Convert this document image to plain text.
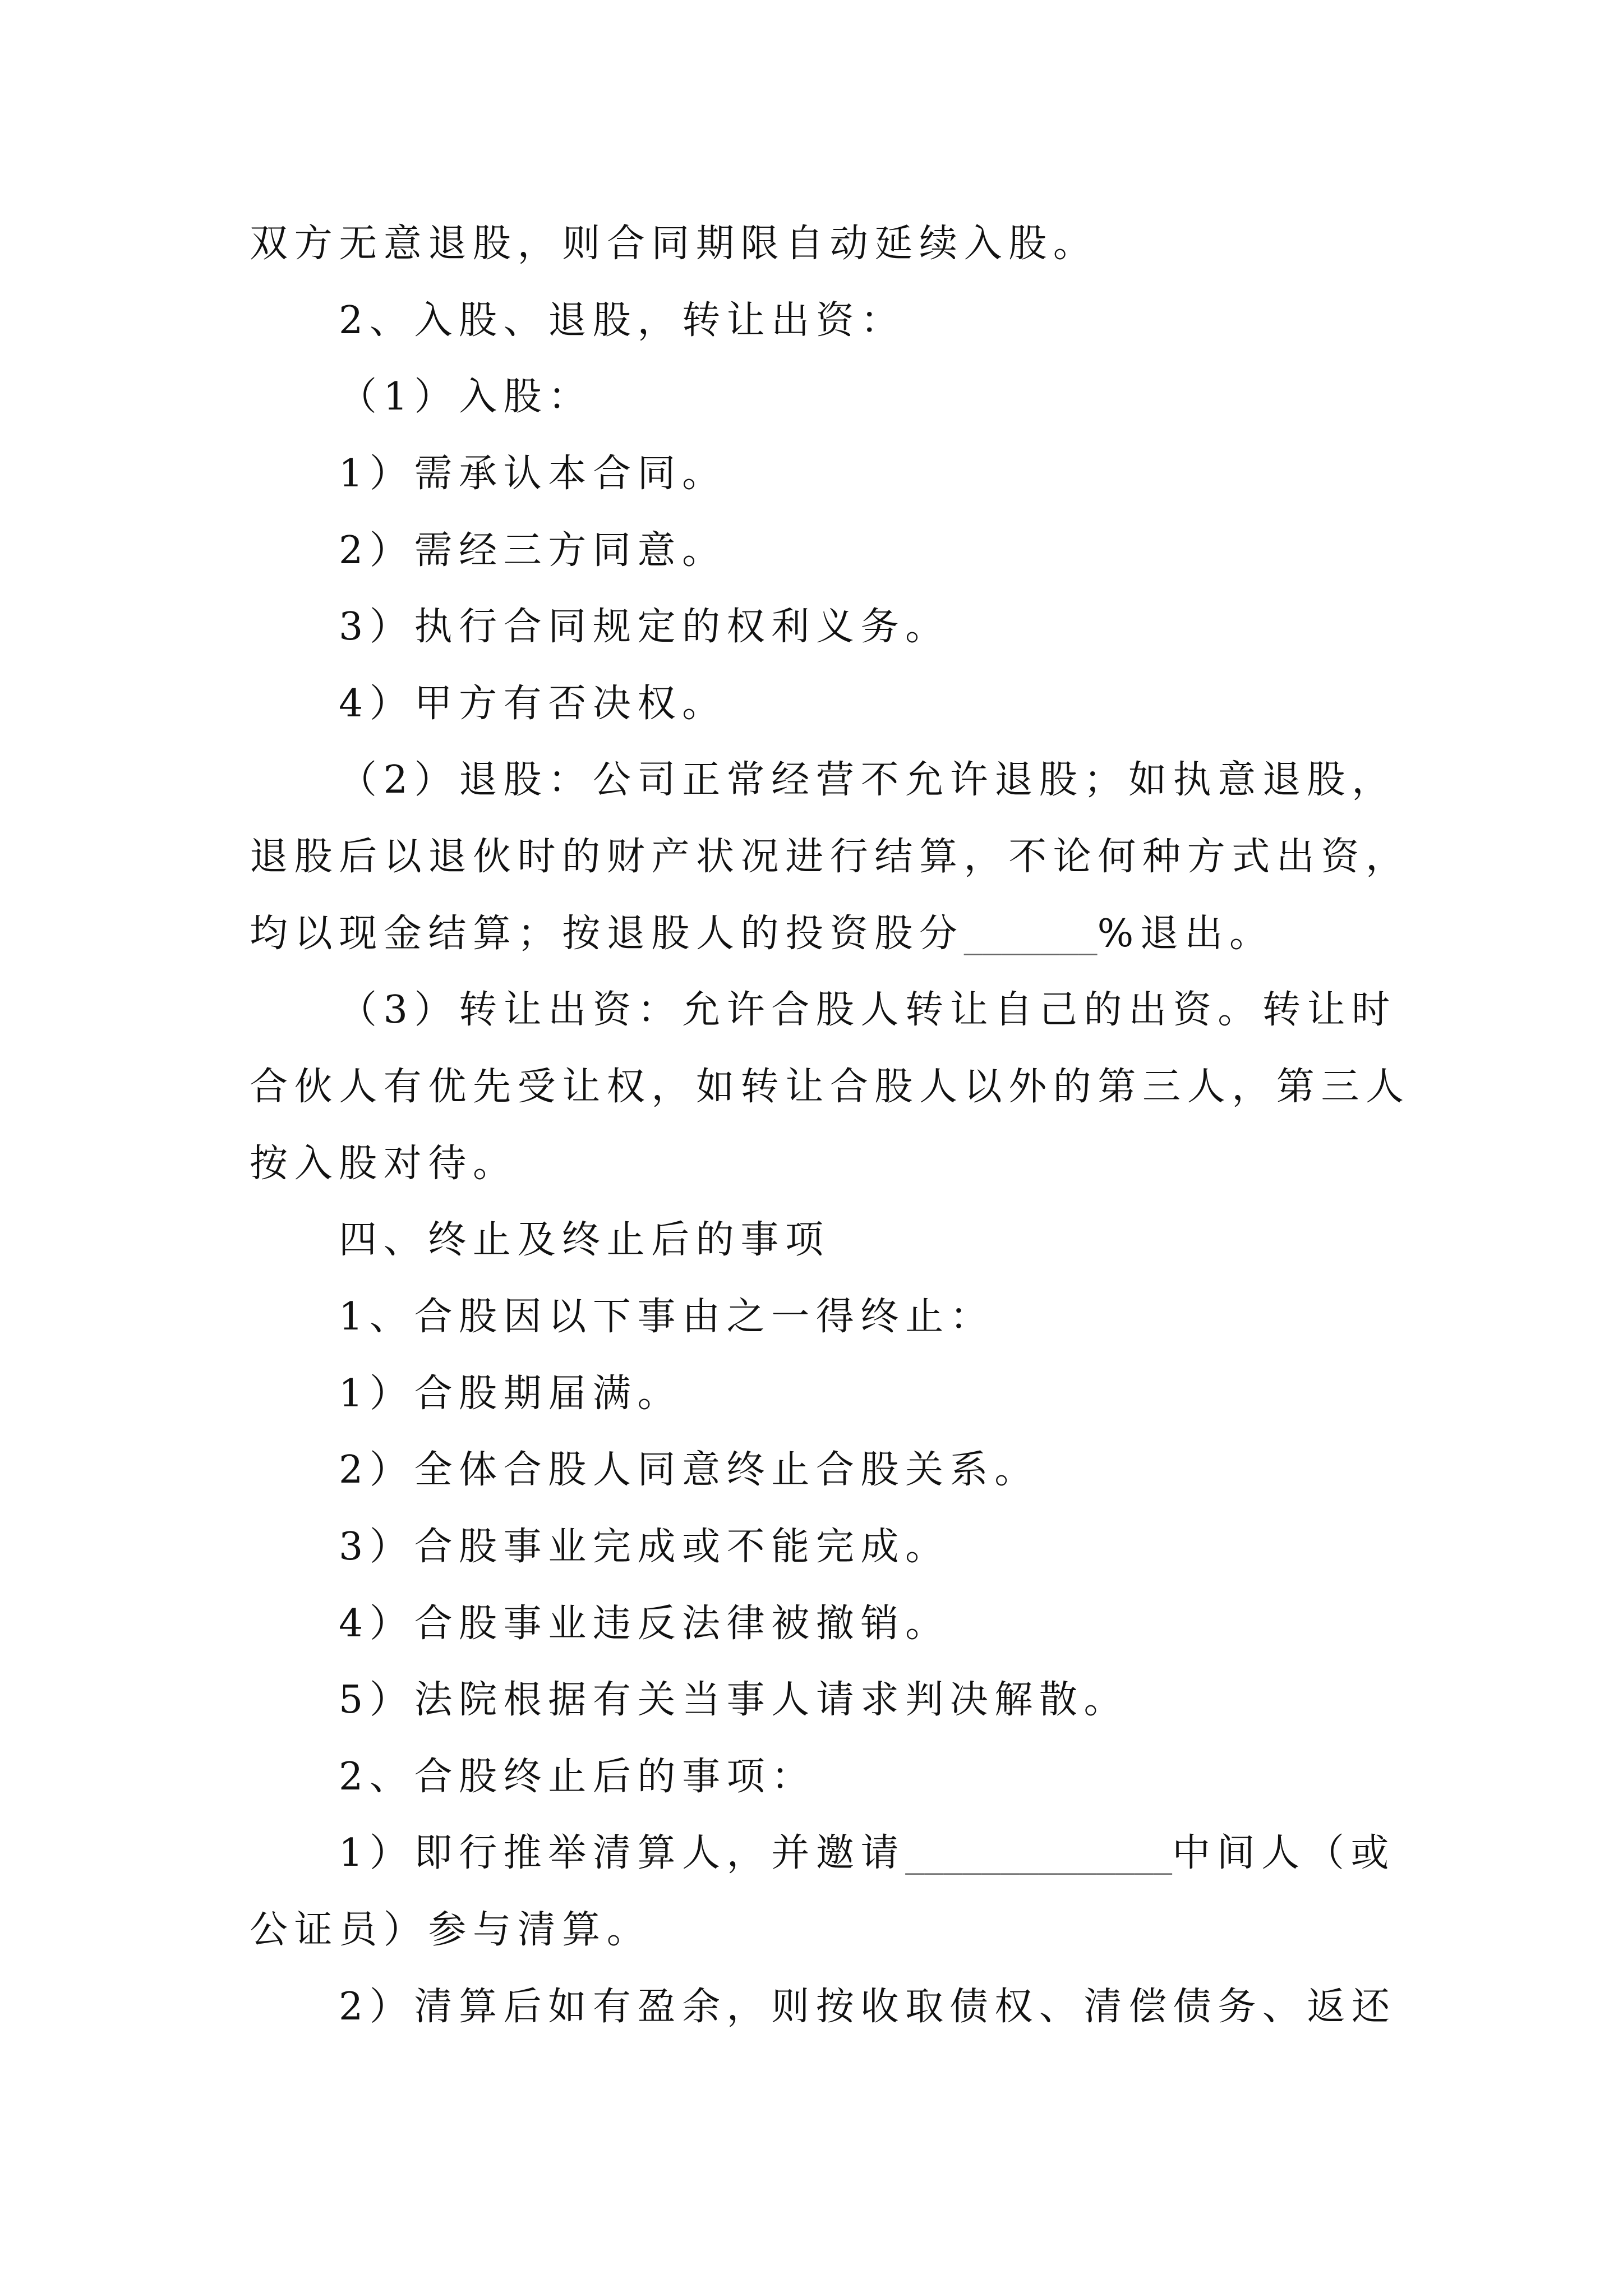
双方无意退股，则合同期限自动延续入股。
2、入股、退股，转让出资：
（1）入股：
1）需承认本合同。
2）需经三方同意。
3）执行合同规定的权利义务。
4）甲方有否决权。
（2）退股：公司正常经营不允许退股；如执意退股，
退股后以退伙时的财产状况进行结算，不论何种方式出资，
均以现金结算；按退股人的投资股分_______%退出。
（3）转让出资：允许合股人转让自己的出资。转让时
合伙人有优先受让权，如转让合股人以外的第三人，第三人
按入股对待。
四、终止及终止后的事项
1、合股因以下事由之一得终止：
1）合股期届满。
2）全体合股人同意终止合股关系。
3）合股事业完成或不能完成。
4）合股事业违反法律被撤销。
5）法院根据有关当事人请求判决解散。
2、合股终止后的事项：
1）即行推举清算人，并邀请______________中间人（或
公证员）参与清算。
2）清算后如有盈余，则按收取债权、清偿债务、返还
